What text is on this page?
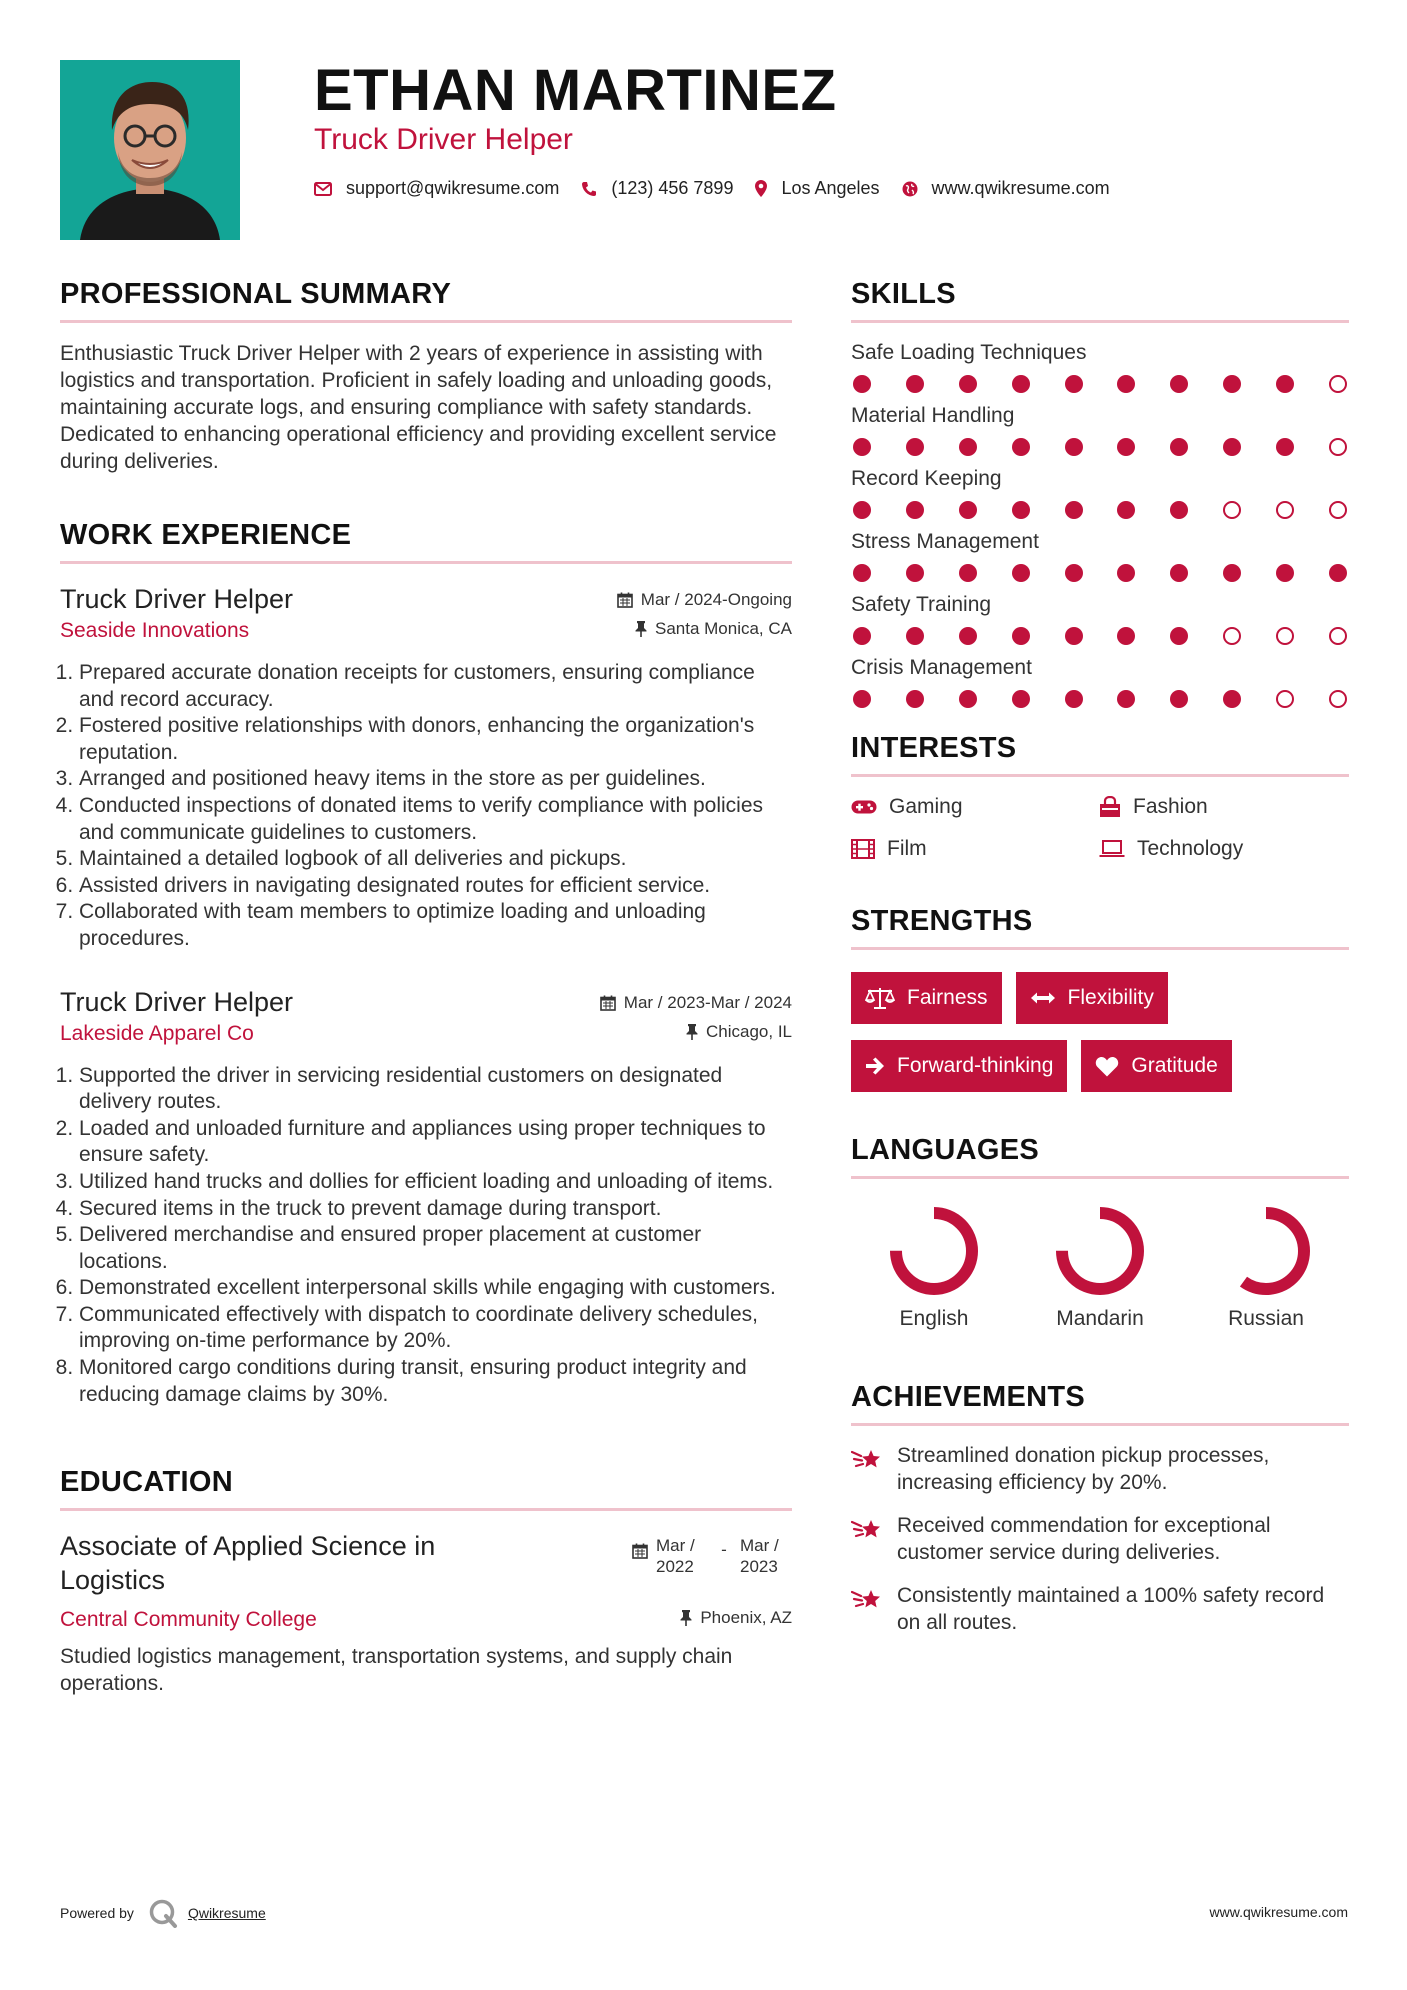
ETHAN MARTINEZ
Truck Driver Helper
support@qwikresume.com	(123) 456 7899	Los Angeles	www.qwikresume.com
PROFESSIONAL SUMMARY

Enthusiastic Truck Driver Helper with 2 years of experience in assisting with logistics and transportation. Proficient in safely loading and unloading goods, maintaining accurate logs, and ensuring compliance with safety standards. Dedicated to enhancing operational efficiency and providing excellent service during deliveries.

WORK EXPERIENCE
Truck Driver Helper	Mar / 2024-Ongoing
Seaside Innovations	Santa Monica, CA
1. Prepared accurate donation receipts for customers, ensuring compliance and record accuracy.
2. Fostered positive relationships with donors, enhancing the organization's reputation.
3. Arranged and positioned heavy items in the store as per guidelines.
4. Conducted inspections of donated items to verify compliance with policies and communicate guidelines to customers.
5. Maintained a detailed logbook of all deliveries and pickups.
6. Assisted drivers in navigating designated routes for efficient service.
7. Collaborated with team members to optimize loading and unloading procedures.
Truck Driver Helper	Mar / 2023-Mar / 2024
Lakeside Apparel Co	Chicago, IL
1. Supported the driver in servicing residential customers on designated delivery routes.
2. Loaded and unloaded furniture and appliances using proper techniques to ensure safety.
3. Utilized hand trucks and dollies for efficient loading and unloading of items.
4. Secured items in the truck to prevent damage during transport.
5. Delivered merchandise and ensured proper placement at customer locations.
6. Demonstrated excellent interpersonal skills while engaging with customers.
7. Communicated effectively with dispatch to coordinate delivery schedules, improving on-time performance by 20%.
8. Monitored cargo conditions during transit, ensuring product integrity and reducing damage claims by 30%.
EDUCATION
Associate of Applied Science in Logistics
Mar / 2022
- Mar / 2023
Central Community College	Phoenix, AZ

Studied logistics management, transportation systems, and supply chain operations.

SKILLS
Safe Loading Techniques
Material Handling
Record Keeping
Stress Management
Safety Training
Crisis Management
INTERESTS
Gaming	Fashion
Film	Technology
STRENGTHS
Fairness	Flexibility
Forward-thinking	Gratitude
LANGUAGES
English	Mandarin	Russian
ACHIEVEMENTS
Streamlined donation pickup processes, increasing efficiency by 20%.
Received commendation for exceptional customer service during deliveries.
Consistently maintained a 100% safety record on all routes.
Powered by	Qwikresume	www.qwikresume.com
